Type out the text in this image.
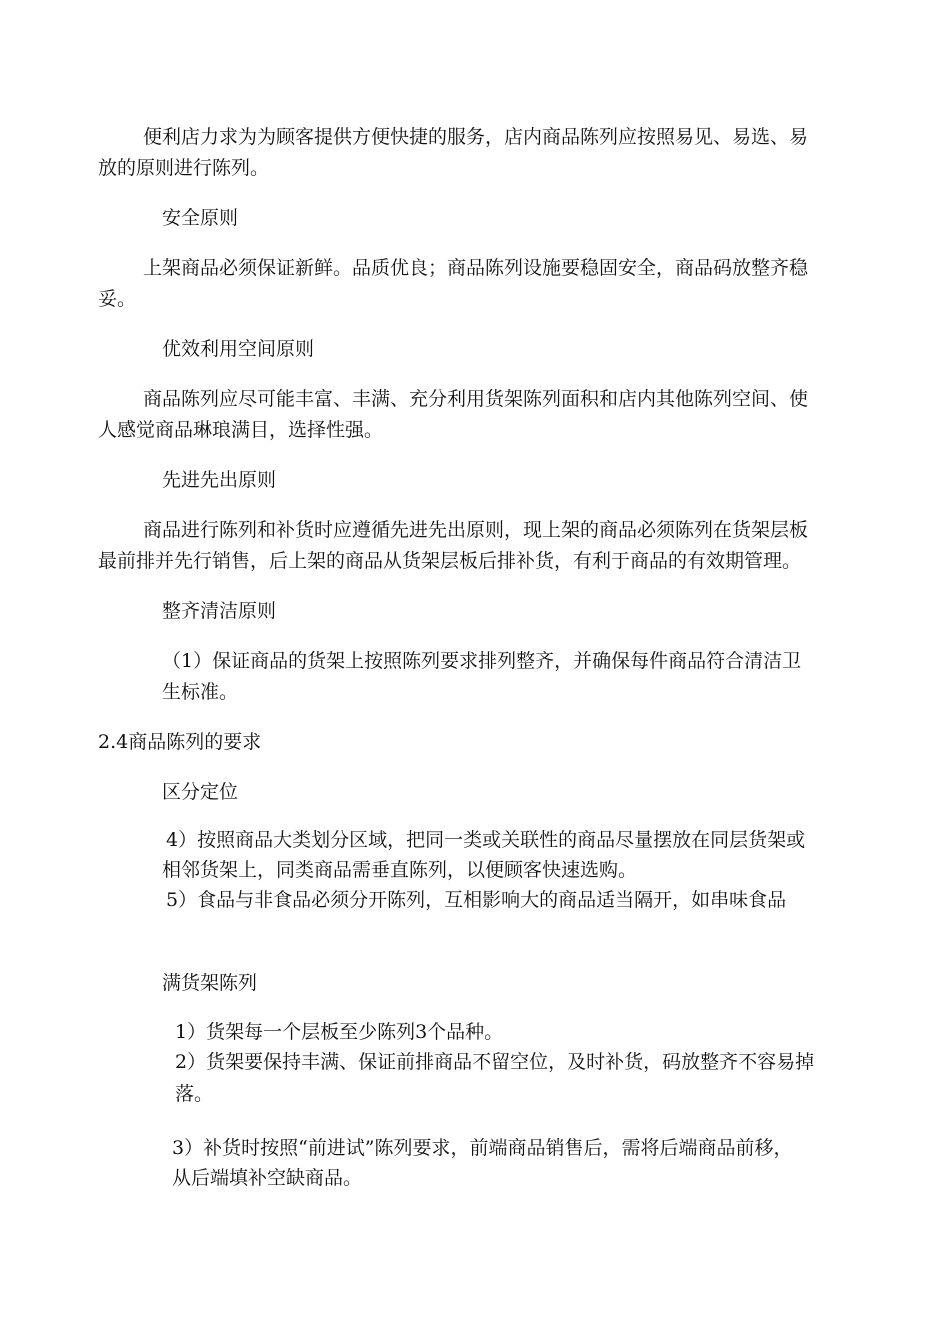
便利店力求为为顾客提供方便快捷的服务，店内商品陈列应按照易见、易选、易
放的原则进行陈列。
安全原则
上架商品必须保证新鲜。品质优良；商品陈列设施要稳固安全，商品码放整齐稳
妥。
优效利用空间原则
商品陈列应尽可能丰富、丰满、充分利用货架陈列面积和店内其他陈列空间、使
人感觉商品琳琅满目，选择性强。
先进先出原则
商品进行陈列和补货时应遵循先进先出原则，现上架的商品必须陈列在货架层板
最前排并先行销售，后上架的商品从货架层板后排补货，有利于商品的有效期管理。
整齐清洁原则
（1）保证商品的货架上按照陈列要求排列整齐，并确保每件商品符合清洁卫
生标准。
2.4商品陈列的要求
区分定位
4）按照商品大类划分区域，把同一类或关联性的商品尽量摆放在同层货架或
相邻货架上，同类商品需垂直陈列，以便顾客快速选购。
5）食品与非食品必须分开陈列，互相影响大的商品适当隔开，如串味食品
满货架陈列
1）货架每一个层板至少陈列3个品种。
2）货架要保持丰满、保证前排商品不留空位，及时补货，码放整齐不容易掉
落。
3）补货时按照“前进试”陈列要求，前端商品销售后，需将后端商品前移，
从后端填补空缺商品。
